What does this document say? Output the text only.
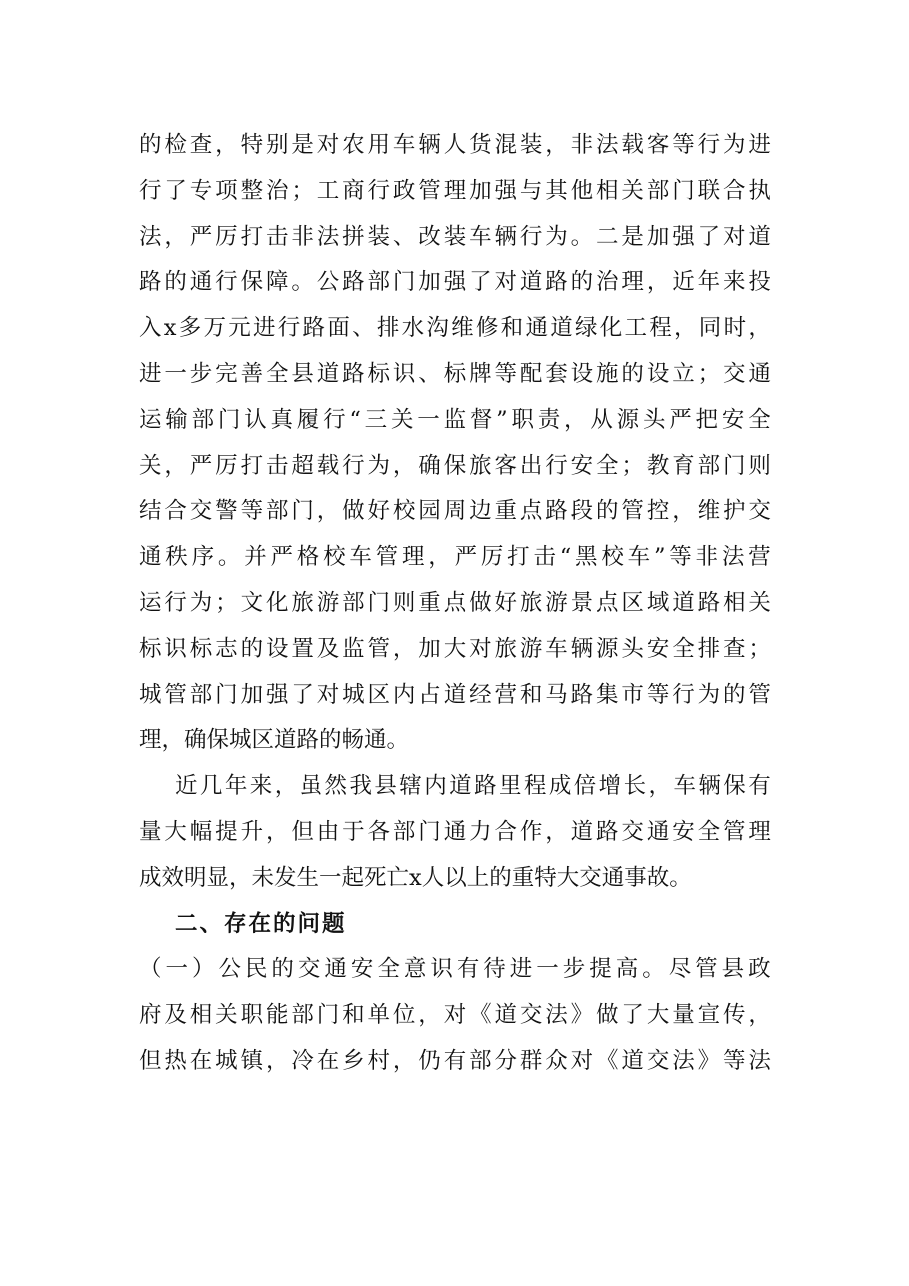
的 检 查 ， 特 别 是 对 农 用 车 辆 人 货 混 装 ， 非 法 载 客 等 行 为 进
行 了 专 项 整 治 ； 工 商 行 政 管 理 加 强 与 其 他 相 关 部 门 联 合 执
法 ， 严 厉 打 击 非 法 拼 装 、 改 装 车 辆 行 为 。 二 是 加 强 了 对 道
路 的 通 行 保 障 。 公 路 部 门 加 强 了 对 道 路 的 治 理 ， 近 年 来 投
入 x 多 万 元 进 行 路 面 、 排 水 沟 维 修 和 通 道 绿 化 工 程 ， 同 时 ，
进 一 步 完 善 全 县 道 路 标 识 、 标 牌 等 配 套 设 施 的 设 立 ； 交 通
运 输 部 门 认 真 履 行 “ 三 关 一 监 督 ” 职 责 ， 从 源 头 严 把 安 全
关 ， 严 厉 打 击 超 载 行 为 ， 确 保 旅 客 出 行 安 全 ； 教 育 部 门 则
结 合 交 警 等 部 门 ， 做 好 校 园 周 边 重 点 路 段 的 管 控 ， 维 护 交
通 秩 序 。 并 严 格 校 车 管 理 ， 严 厉 打 击 “ 黑 校 车 ” 等 非 法 营
运 行 为 ； 文 化 旅 游 部 门 则 重 点 做 好 旅 游 景 点 区 域 道 路 相 关
标 识 标 志 的 设 置 及 监 管 ， 加 大 对 旅 游 车 辆 源 头 安 全 排 查 ；
城 管 部 门 加 强 了 对 城 区 内 占 道 经 营 和 马 路 集 市 等 行 为 的 管
理，确保城区道路的畅通。
近 几 年 来 ， 虽 然 我 县 辖 内 道 路 里 程 成 倍 增 长 ， 车 辆 保 有
量 大 幅 提 升 ， 但 由 于 各 部 门 通 力 合 作 ， 道 路 交 通 安 全 管 理
成效明显，未发生一起死亡x人以上的重特大交通事故。
二、存在的问题
（ 一 ） 公 民 的 交 通 安 全 意 识 有 待 进 一 步 提 高 。 尽 管 县 政
府 及 相 关 职 能 部 门 和 单 位 ， 对 《 道 交 法 》 做 了 大 量 宣 传 ，
但 热 在 城 镇 ， 冷 在 乡 村 ， 仍 有 部 分 群 众 对 《 道 交 法 》 等 法
